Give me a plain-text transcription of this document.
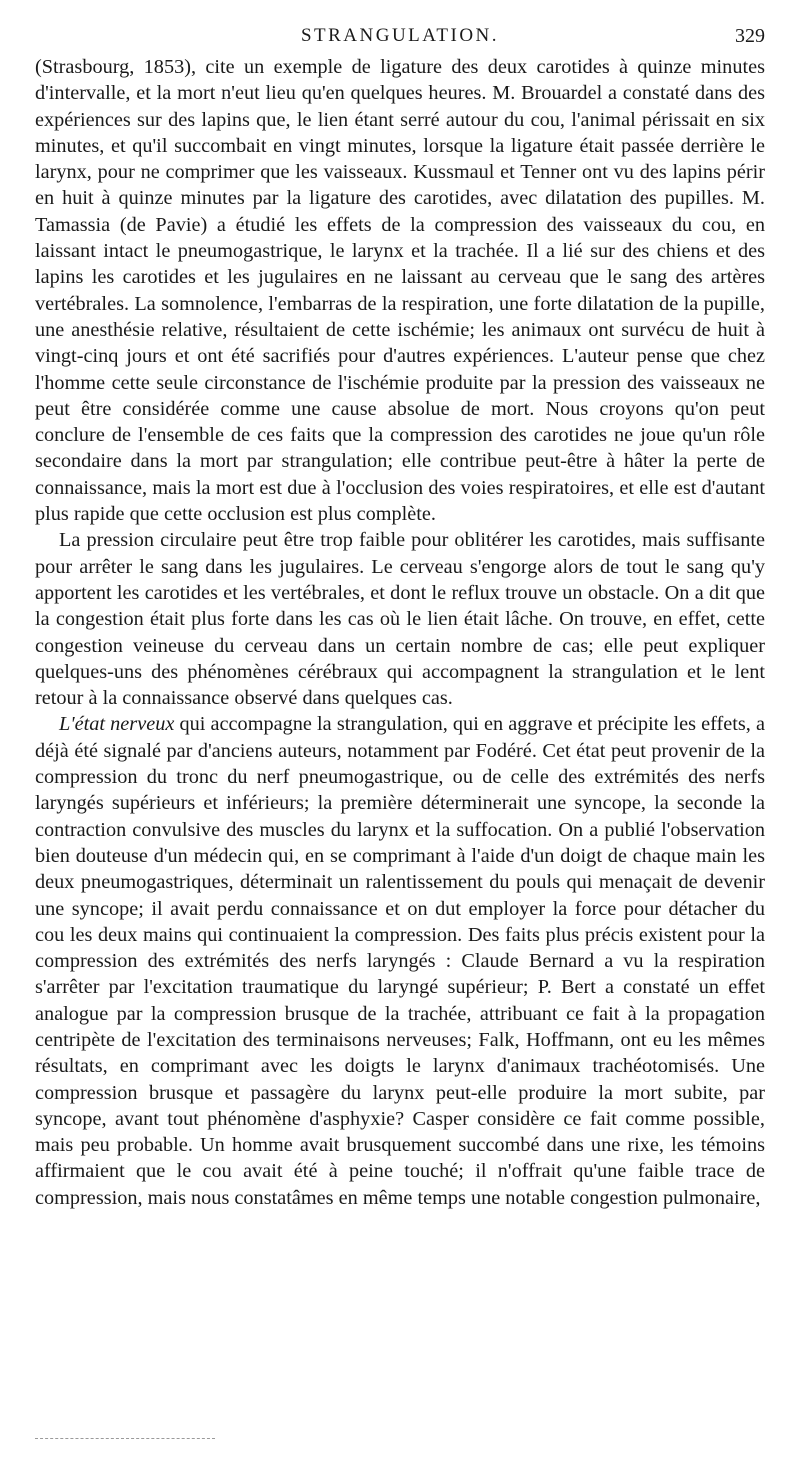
STRANGULATION.	329

(Strasbourg, 1853), cite un exemple de ligature des deux carotides à quinze minutes d'intervalle, et la mort n'eut lieu qu'en quelques heures. M. Brouardel a constaté dans des expériences sur des lapins que, le lien étant serré autour du cou, l'animal périssait en six minutes, et qu'il succombait en vingt minutes, lorsque la ligature était passée derrière le larynx, pour ne comprimer que les vaisseaux. Kussmaul et Tenner ont vu des lapins périr en huit à quinze minutes par la ligature des carotides, avec dilatation des pupilles. M. Tamassia (de Pavie) a étudié les effets de la compression des vaisseaux du cou, en laissant intact le pneumogastrique, le larynx et la trachée. Il a lié sur des chiens et des lapins les carotides et les jugulaires en ne laissant au cerveau que le sang des artères vertébrales. La somnolence, l'embarras de la respiration, une forte dilatation de la pupille, une anesthésie relative, résultaient de cette ischémie; les animaux ont survécu de huit à vingt-cinq jours et ont été sacrifiés pour d'autres expériences. L'auteur pense que chez l'homme cette seule circonstance de l'ischémie produite par la pression des vaisseaux ne peut être considérée comme une cause absolue de mort. Nous croyons qu'on peut conclure de l'ensemble de ces faits que la compression des carotides ne joue qu'un rôle secondaire dans la mort par strangulation; elle contribue peut-être à hâter la perte de connaissance, mais la mort est due à l'occlusion des voies respiratoires, et elle est d'autant plus rapide que cette occlusion est plus complète.

La pression circulaire peut être trop faible pour oblitérer les carotides, mais suffisante pour arrêter le sang dans les jugulaires. Le cerveau s'engorge alors de tout le sang qu'y apportent les carotides et les vertébrales, et dont le reflux trouve un obstacle. On a dit que la congestion était plus forte dans les cas où le lien était lâche. On trouve, en effet, cette congestion veineuse du cerveau dans un certain nombre de cas; elle peut expliquer quelques-uns des phénomènes cérébraux qui accompagnent la strangulation et le lent retour à la connaissance observé dans quelques cas.

L'état nerveux qui accompagne la strangulation, qui en aggrave et précipite les effets, a déjà été signalé par d'anciens auteurs, notamment par Fodéré. Cet état peut provenir de la compression du tronc du nerf pneumogastrique, ou de celle des extrémités des nerfs laryngés supérieurs et inférieurs; la première déterminerait une syncope, la seconde la contraction convulsive des muscles du larynx et la suffocation. On a publié l'observation bien douteuse d'un médecin qui, en se comprimant à l'aide d'un doigt de chaque main les deux pneumogastriques, déterminait un ralentissement du pouls qui menaçait de devenir une syncope; il avait perdu connaissance et on dut employer la force pour détacher du cou les deux mains qui continuaient la compression. Des faits plus précis existent pour la compression des extrémités des nerfs laryngés : Claude Bernard a vu la respiration s'arrêter par l'excitation traumatique du laryngé supérieur; P. Bert a constaté un effet analogue par la compression brusque de la trachée, attribuant ce fait à la propagation centripète de l'excitation des terminaisons nerveuses; Falk, Hoffmann, ont eu les mêmes résultats, en comprimant avec les doigts le larynx d'animaux trachéotomisés. Une compression brusque et passagère du larynx peut-elle produire la mort subite, par syncope, avant tout phénomène d'asphyxie? Casper considère ce fait comme possible, mais peu probable. Un homme avait brusquement succombé dans une rixe, les témoins affirmaient que le cou avait été à peine touché; il n'offrait qu'une faible trace de compression, mais nous constatâmes en même temps une notable congestion pulmonaire,
